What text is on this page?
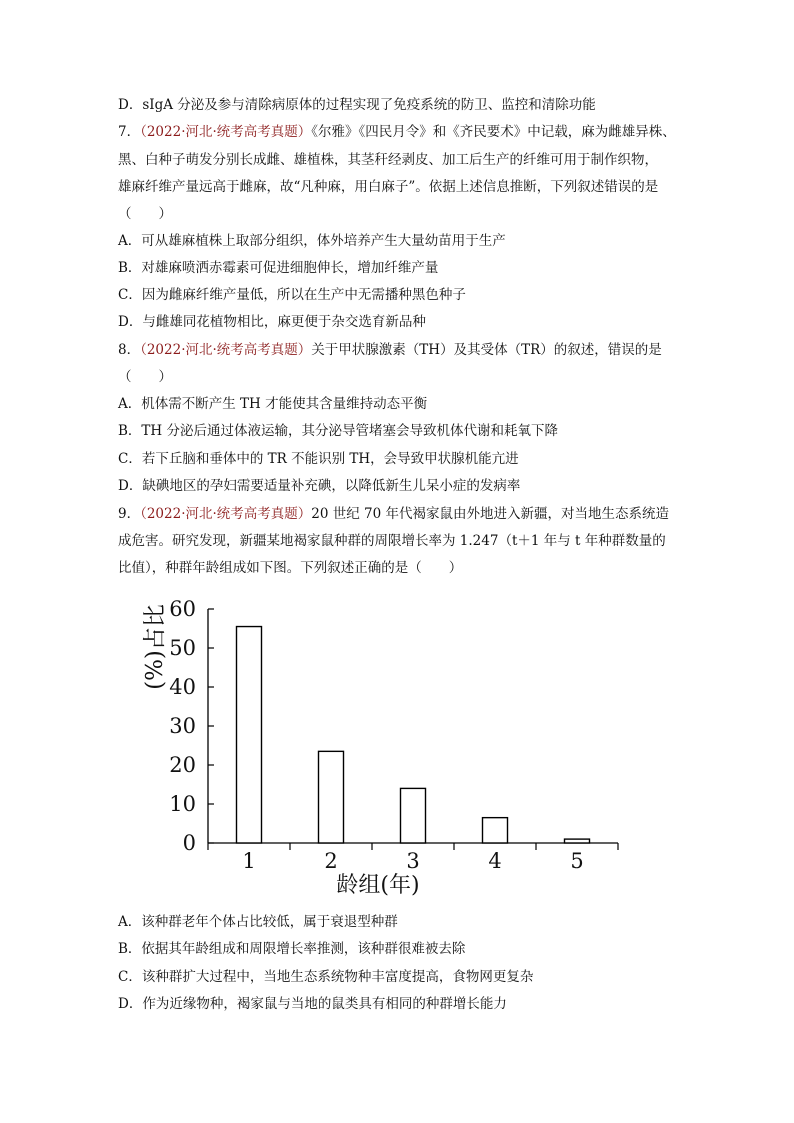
D．sIgA 分泌及参与清除病原体的过程实现了免疫系统的防卫、监控和清除功能
7．（2022·河北·统考高考真题）《尔雅》《四民月令》和《齐民要术》中记载，麻为雌雄异株、
黑、白种子萌发分别长成雌、雄植株，其茎秆经剥皮、加工后生产的纤维可用于制作织物，
雄麻纤维产量远高于雌麻，故“凡种麻，用白麻子”。依据上述信息推断，下列叙述错误的是
（　　）
A．可从雄麻植株上取部分组织，体外培养产生大量幼苗用于生产
B．对雄麻喷洒赤霉素可促进细胞伸长，增加纤维产量
C．因为雌麻纤维产量低，所以在生产中无需播种黑色种子
D．与雌雄同花植物相比，麻更便于杂交选育新品种
8．（2022·河北·统考高考真题）关于甲状腺激素（TH）及其受体（TR）的叙述，错误的是
（　　）
A．机体需不断产生 TH 才能使其含量维持动态平衡
B．TH 分泌后通过体液运输，其分泌导管堵塞会导致机体代谢和耗氧下降
C．若下丘脑和垂体中的 TR 不能识别 TH，会导致甲状腺机能亢进
D．缺碘地区的孕妇需要适量补充碘，以降低新生儿呆小症的发病率
9．（2022·河北·统考高考真题）20 世纪 70 年代褐家鼠由外地进入新疆，对当地生态系统造
成危害。研究发现，新疆某地褐家鼠种群的周限增长率为 1.247（t＋1 年与 t 年种群数量的
比值），种群年龄组成如下图。下列叙述正确的是（　　）
0
10
20
30
40
50
60
1	2	3	4	5
龄组(年)
(%)占比
A．该种群老年个体占比较低，属于衰退型种群
B．依据其年龄组成和周限增长率推测，该种群很难被去除
C．该种群扩大过程中，当地生态系统物种丰富度提高，食物网更复杂
D．作为近缘物种，褐家鼠与当地的鼠类具有相同的种群增长能力
